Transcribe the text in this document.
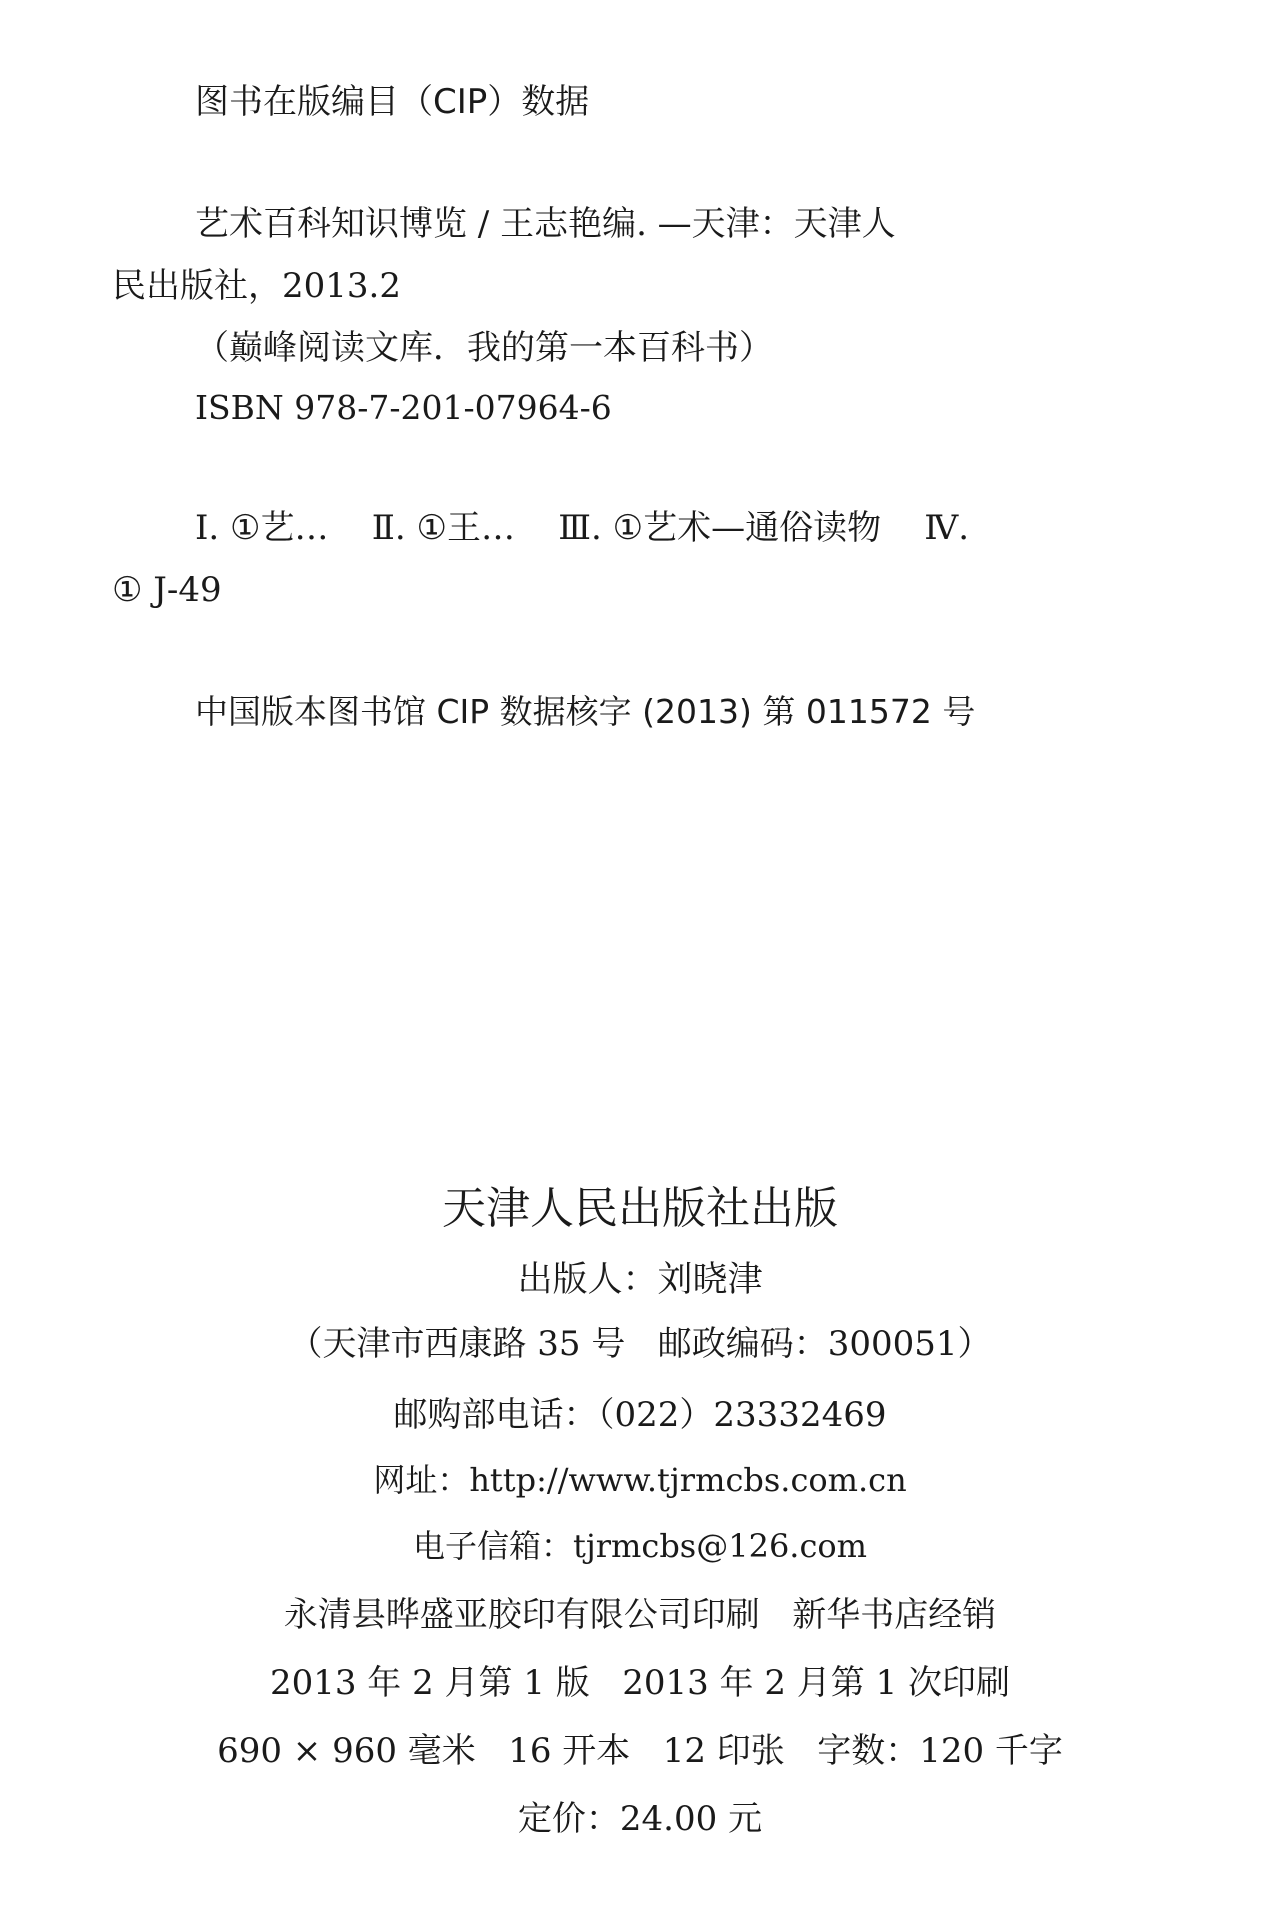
图书在版编目（CIP）数据
艺术百科知识博览 / 王志艳编. —天津：天津人
民出版社，2013.2
（巅峰阅读文库．我的第一本百科书）
ISBN 978-7-201-07964-6
Ⅰ. ①艺…    Ⅱ. ①王…    Ⅲ. ①艺术—通俗读物    Ⅳ.
① J-49
中国版本图书馆 CIP 数据核字 (2013) 第 011572 号
天津人民出版社出版
出版人：刘晓津
（天津市西康路 35 号   邮政编码：300051）
邮购部电话：（022）23332469
网址：http://www.tjrmcbs.com.cn
电子信箱：tjrmcbs@126.com
永清县晔盛亚胶印有限公司印刷   新华书店经销
2013 年 2 月第 1 版   2013 年 2 月第 1 次印刷
690 × 960 毫米   16 开本   12 印张   字数：120 千字
定价：24.00 元
